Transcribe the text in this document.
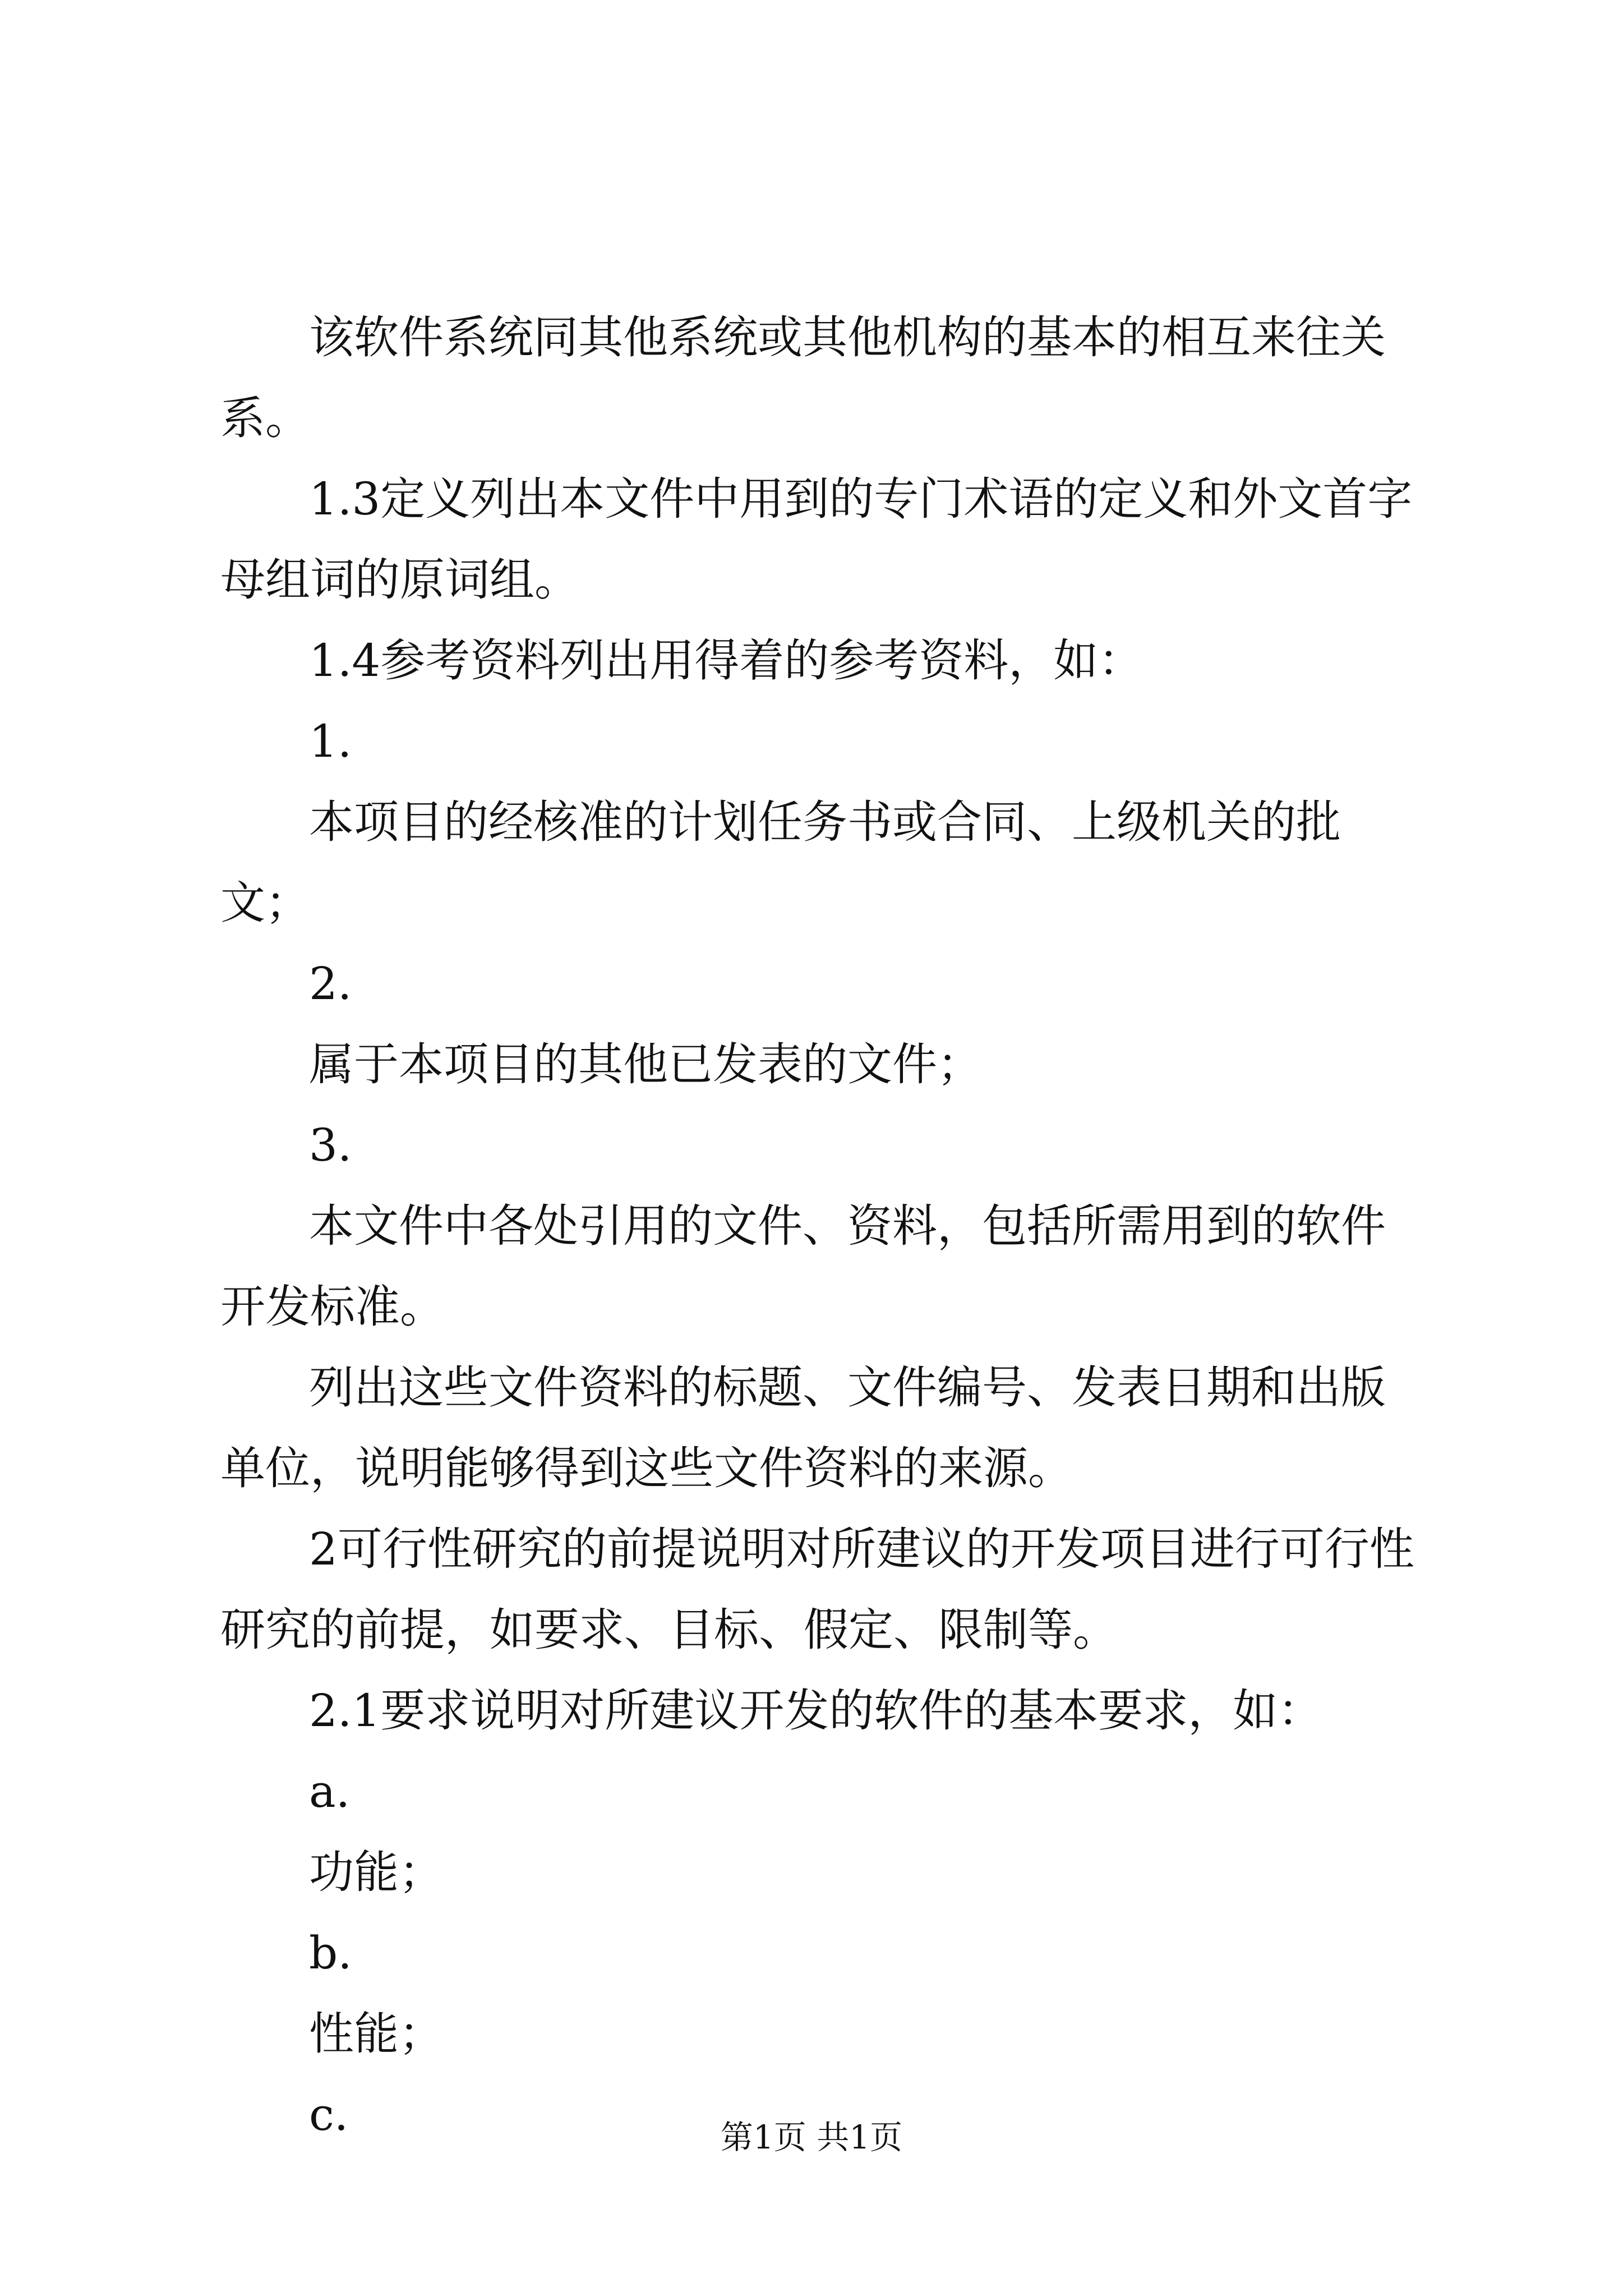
该软件系统同其他系统或其他机构的基本的相互来往关系。

1.3定义列出本文件中用到的专门术语的定义和外文首字母组词的原词组。

1.4参考资料列出用得着的参考资料，如：

1.

本项目的经核准的计划任务书或合同、上级机关的批文；

2.

属于本项目的其他已发表的文件；

3.

本文件中各处引用的文件、资料，包括所需用到的软件开发标准。

列出这些文件资料的标题、文件编号、发表日期和出版单位，说明能够得到这些文件资料的来源。

2可行性研究的前提说明对所建议的开发项目进行可行性研究的前提，如要求、目标、假定、限制等。

2.1要求说明对所建议开发的软件的基本要求，如：

a.

功能；

b.

性能；

c.	第1页 共1页
